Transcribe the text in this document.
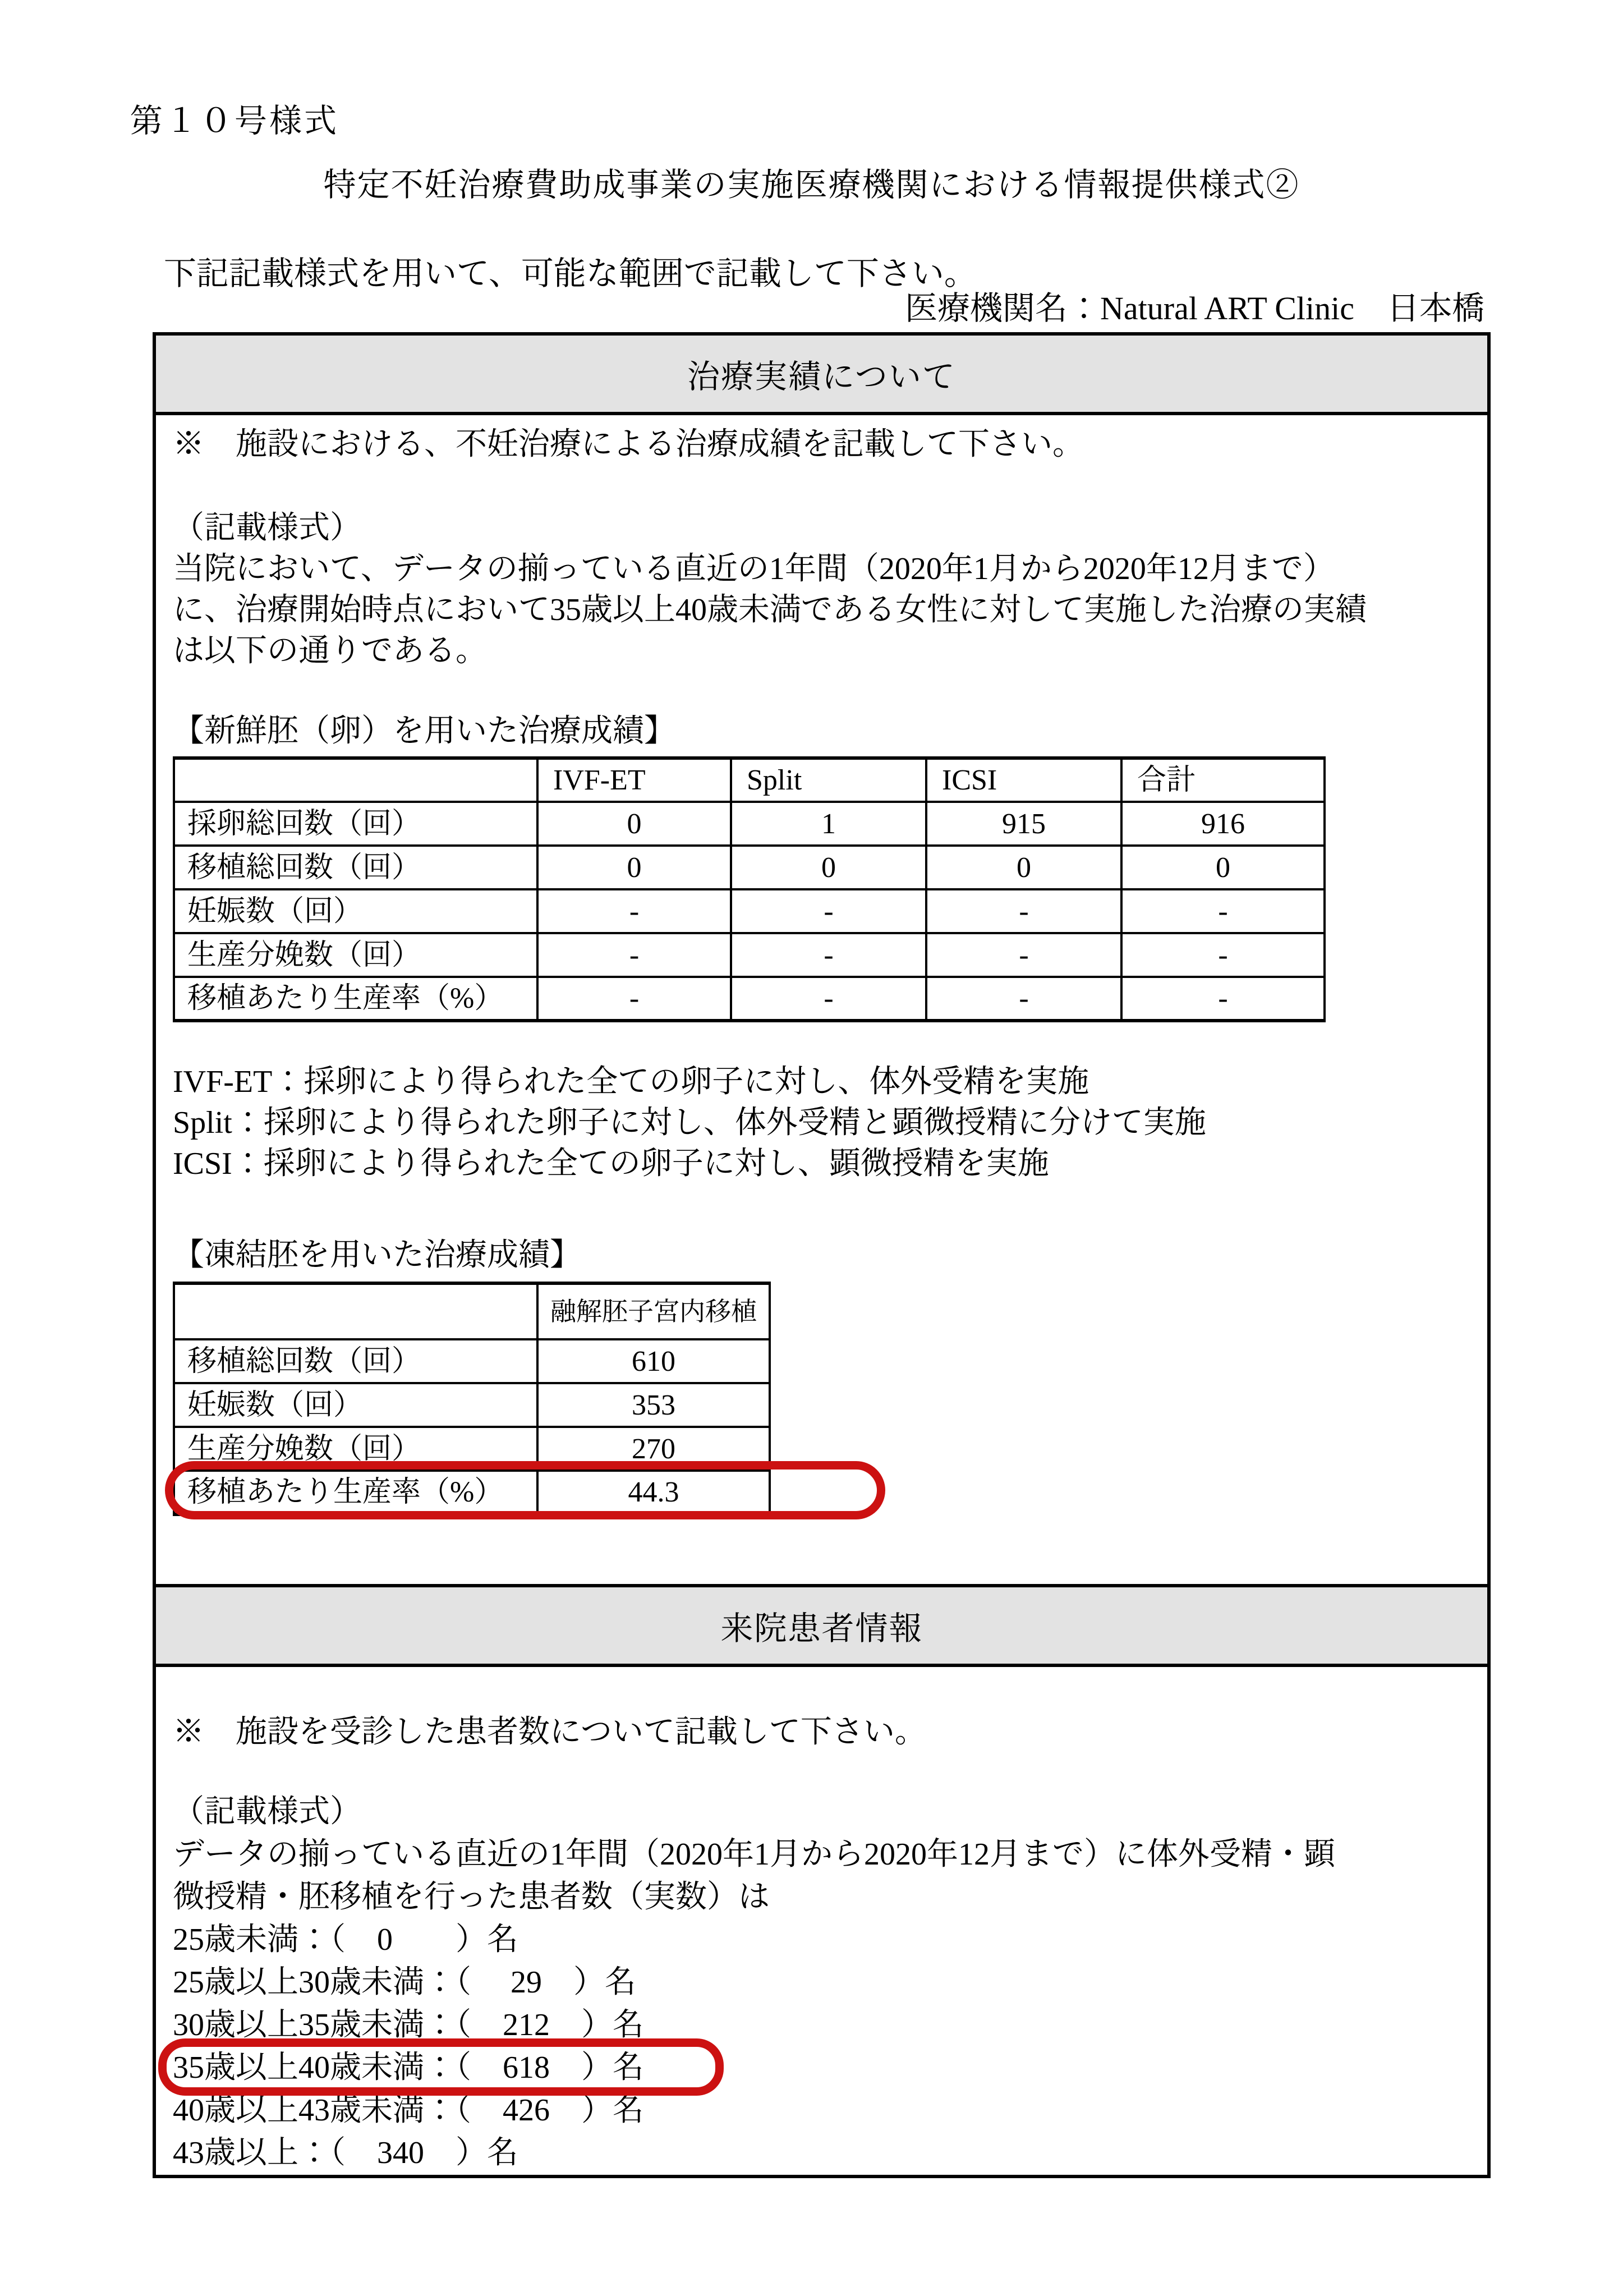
第１０号様式
特定不妊治療費助成事業の実施医療機関における情報提供様式②
下記記載様式を用いて、可能な範囲で記載して下さい。
医療機関名：Natural ART Clinic　日本橋
治療実績について

※　施設における、不妊治療による治療成績を記載して下さい。

（記載様式）

当院において、データの揃っている直近の1年間（2020年1月から2020年12月まで）

に、治療開始時点において35歳以上40歳未満である女性に対して実施した治療の実績

は以下の通りである。

【新鮮胚（卵）を用いた治療成績】

	IVF-ET	Split	ICSI	合計
採卵総回数（回）	0	1	915	916
移植総回数（回）	0	0	0	0
妊娠数（回）	-	-	-	-
生産分娩数（回）	-	-	-	-
移植あたり生産率（%）	-	-	-	-

IVF-ET：採卵により得られた全ての卵子に対し、体外受精を実施

Split：採卵により得られた卵子に対し、体外受精と顕微授精に分けて実施

ICSI：採卵により得られた全ての卵子に対し、顕微授精を実施

【凍結胚を用いた治療成績】

	融解胚子宮内移植
移植総回数（回）	610
妊娠数（回）	353
生産分娩数（回）	270
移植あたり生産率（%）	44.3
来院患者情報

※　施設を受診した患者数について記載して下さい。

（記載様式）

データの揃っている直近の1年間（2020年1月から2020年12月まで）に体外受精・顕

微授精・胚移植を行った患者数（実数）は

25歳未満：（　0　　）名

25歳以上30歳未満：（　 29　）名

30歳以上35歳未満：（　212　）名

35歳以上40歳未満：（　618　）名

40歳以上43歳未満：（　426　）名

43歳以上：（　340　）名
